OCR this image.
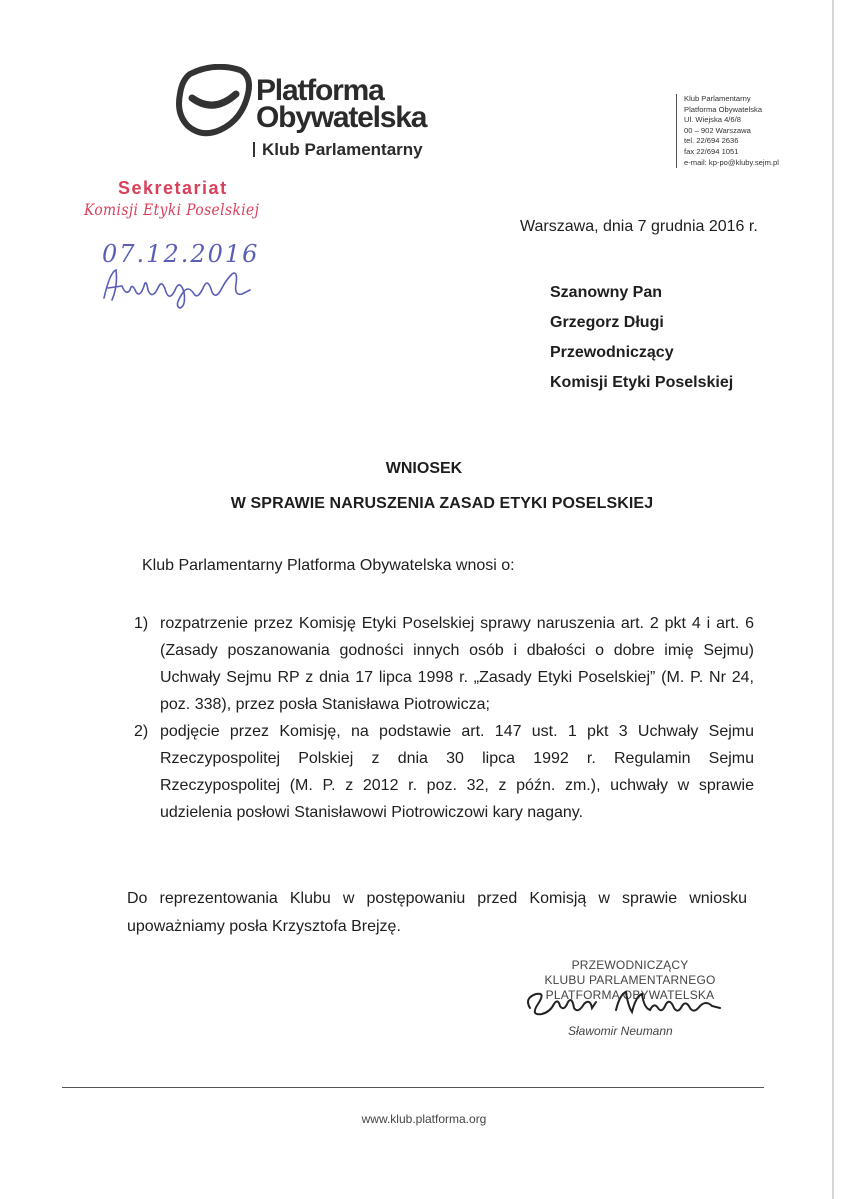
Platforma
Obywatelska
Klub Parlamentarny
Klub Parlamentarny
Platforma Obywatelska
Ul. Wiejska 4/6/8
00 – 902 Warszawa
tel. 22/694 2636
fax 22/694 1051
e-mail: kp-po@kluby.sejm.pl
Sekretariat
Komisji Etyki Poselskiej
07.12.2016
Warszawa, dnia 7 grudnia 2016 r.
Szanowny Pan
Grzegorz Długi
Przewodniczący
Komisji Etyki Poselskiej
WNIOSEK
W SPRAWIE NARUSZENIA ZASAD ETYKI POSELSKIEJ
Klub Parlamentarny Platforma Obywatelska wnosi o:
1) rozpatrzenie przez Komisję Etyki Poselskiej sprawy naruszenia art. 2 pkt 4 i art. 6 (Zasady poszanowania godności innych osób i dbałości o dobre imię Sejmu) Uchwały Sejmu RP z dnia 17 lipca 1998 r. „Zasady Etyki Poselskiej” (M. P. Nr 24, poz. 338), przez posła Stanisława Piotrowicza;
2) podjęcie przez Komisję, na podstawie art. 147 ust. 1 pkt 3 Uchwały Sejmu Rzeczypospolitej Polskiej z dnia 30 lipca 1992 r. Regulamin Sejmu Rzeczypospolitej (M. P. z 2012 r. poz. 32, z późn. zm.), uchwały w sprawie udzielenia posłowi Stanisławowi Piotrowiczowi kary nagany.
Do reprezentowania Klubu w postępowaniu przed Komisją w sprawie wniosku upoważniamy posła Krzysztofa Brejzę.
PRZEWODNICZĄCY
KLUBU PARLAMENTARNEGO
PLATFORMA OBYWATELSKA
Sławomir Neumann
www.klub.platforma.org
